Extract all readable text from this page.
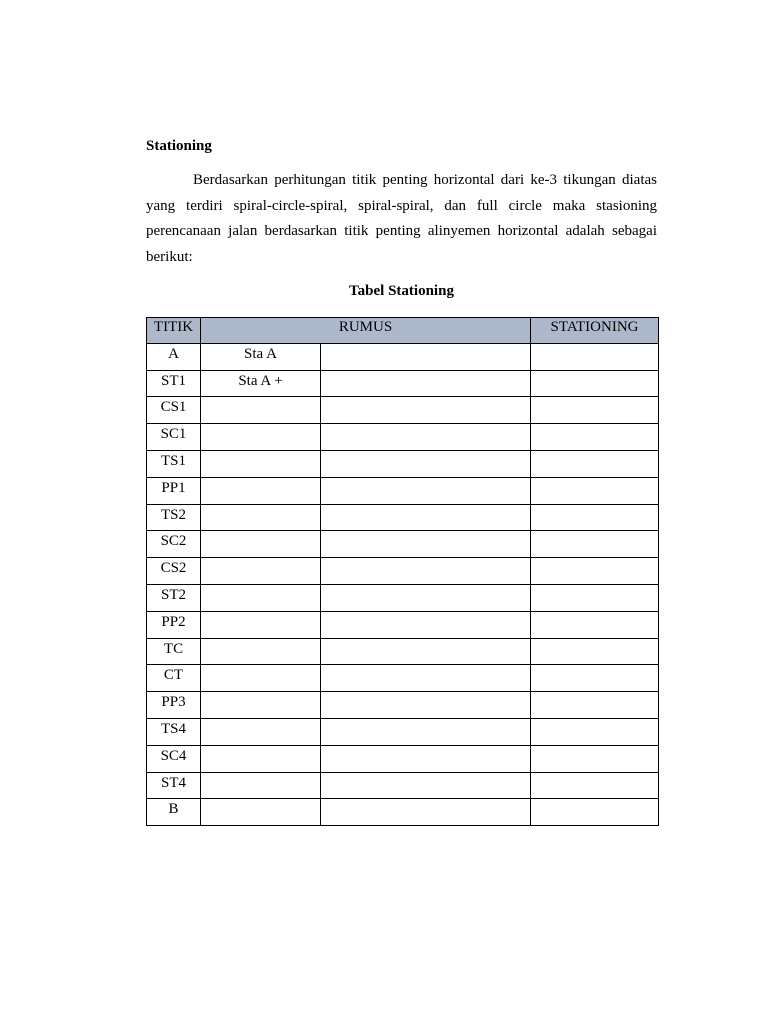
Stationing

Berdasarkan perhitungan titik penting horizontal dari ke-3 tikungan diatas yang terdiri spiral-circle-spiral, spiral-spiral, dan full circle maka stasioning perencanaan jalan berdasarkan titik penting alinyemen horizontal adalah sebagai berikut:

Tabel Stationing
TITIK	RUMUS		STATIONING
A	Sta A		
ST1	Sta A +		
CS1			
SC1			
TS1			
PP1			
TS2			
SC2			
CS2			
ST2			
PP2			
TC			
CT			
PP3			
TS4			
SC4			
ST4			
B			
